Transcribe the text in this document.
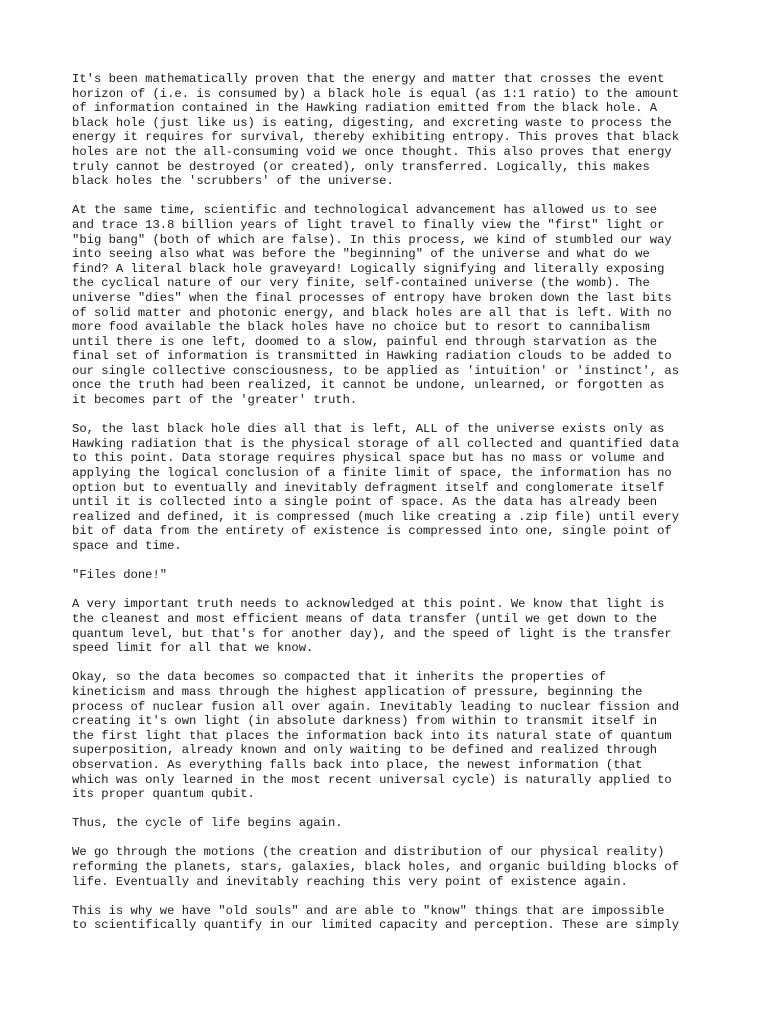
It's been mathematically proven that the energy and matter that crosses the event
horizon of (i.e. is consumed by) a black hole is equal (as 1:1 ratio) to the amount
of information contained in the Hawking radiation emitted from the black hole. A
black hole (just like us) is eating, digesting, and excreting waste to process the
energy it requires for survival, thereby exhibiting entropy. This proves that black
holes are not the all-consuming void we once thought. This also proves that energy
truly cannot be destroyed (or created), only transferred. Logically, this makes
black holes the 'scrubbers' of the universe.

At the same time, scientific and technological advancement has allowed us to see
and trace 13.8 billion years of light travel to finally view the "first" light or
"big bang" (both of which are false). In this process, we kind of stumbled our way
into seeing also what was before the "beginning" of the universe and what do we
find? A literal black hole graveyard! Logically signifying and literally exposing
the cyclical nature of our very finite, self-contained universe (the womb). The
universe "dies" when the final processes of entropy have broken down the last bits
of solid matter and photonic energy, and black holes are all that is left. With no
more food available the black holes have no choice but to resort to cannibalism
until there is one left, doomed to a slow, painful end through starvation as the
final set of information is transmitted in Hawking radiation clouds to be added to
our single collective consciousness, to be applied as 'intuition' or 'instinct', as
once the truth had been realized, it cannot be undone, unlearned, or forgotten as
it becomes part of the 'greater' truth.

So, the last black hole dies all that is left, ALL of the universe exists only as
Hawking radiation that is the physical storage of all collected and quantified data
to this point. Data storage requires physical space but has no mass or volume and
applying the logical conclusion of a finite limit of space, the information has no
option but to eventually and inevitably defragment itself and conglomerate itself
until it is collected into a single point of space. As the data has already been
realized and defined, it is compressed (much like creating a .zip file) until every
bit of data from the entirety of existence is compressed into one, single point of
space and time.

"Files done!"

A very important truth needs to acknowledged at this point. We know that light is
the cleanest and most efficient means of data transfer (until we get down to the
quantum level, but that's for another day), and the speed of light is the transfer
speed limit for all that we know.

Okay, so the data becomes so compacted that it inherits the properties of
kineticism and mass through the highest application of pressure, beginning the
process of nuclear fusion all over again. Inevitably leading to nuclear fission and
creating it's own light (in absolute darkness) from within to transmit itself in
the first light that places the information back into its natural state of quantum
superposition, already known and only waiting to be defined and realized through
observation. As everything falls back into place, the newest information (that
which was only learned in the most recent universal cycle) is naturally applied to
its proper quantum qubit.

Thus, the cycle of life begins again.

We go through the motions (the creation and distribution of our physical reality)
reforming the planets, stars, galaxies, black holes, and organic building blocks of
life. Eventually and inevitably reaching this very point of existence again.

This is why we have "old souls" and are able to "know" things that are impossible
to scientifically quantify in our limited capacity and perception. These are simply
